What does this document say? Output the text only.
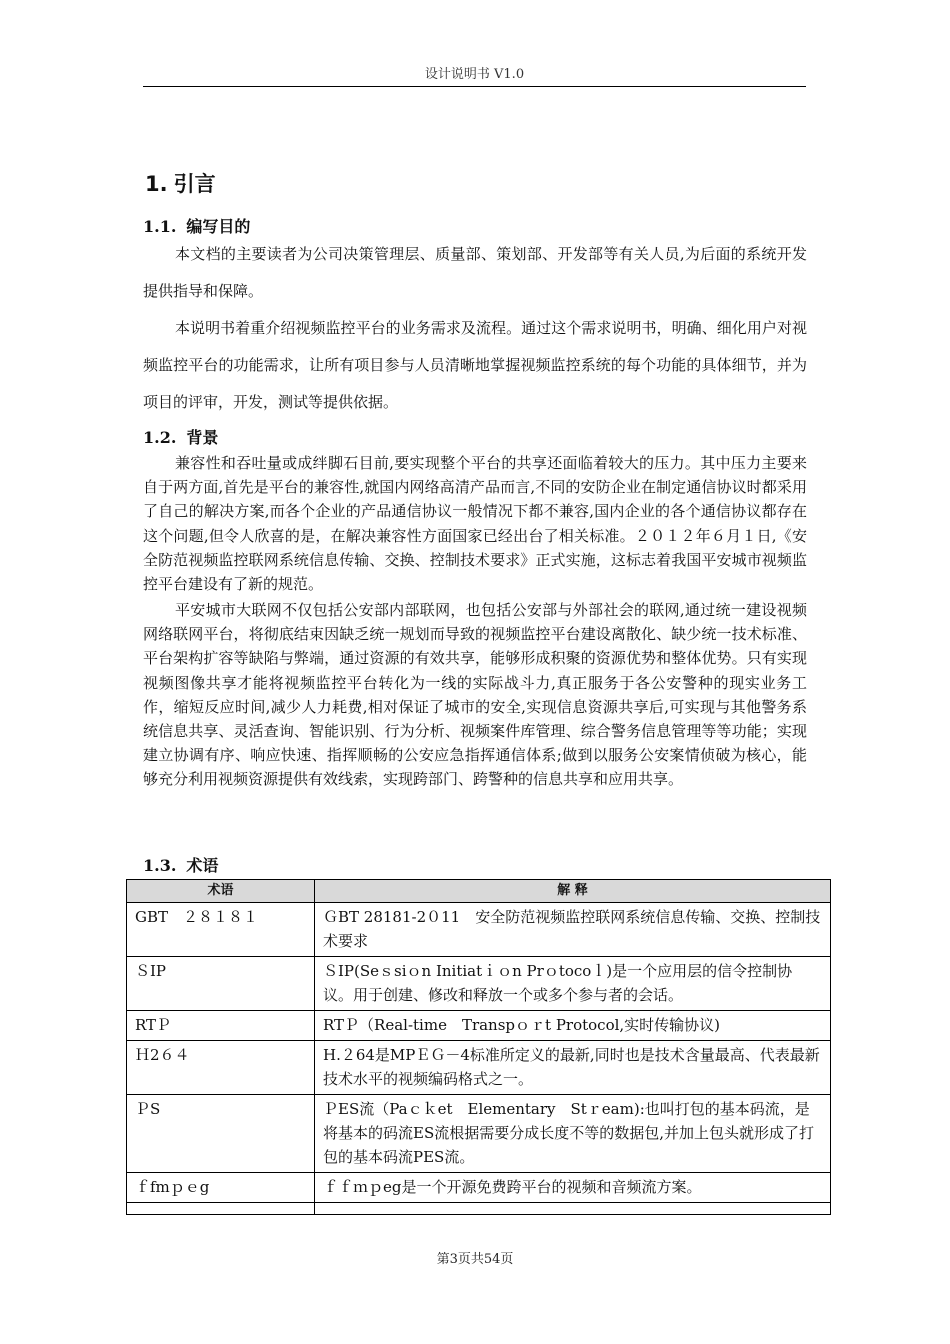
设计说明书 V1.0
1. 引言
1.1. 编写目的

本文档的主要读者为公司决策管理层、质量部、策划部、开发部等有关人员,为后面的系统开发提供指导和保障。

本说明书着重介绍视频监控平台的业务需求及流程。通过这个需求说明书，明确、细化用户对视频监控平台的功能需求，让所有项目参与人员清晰地掌握视频监控系统的每个功能的具体细节，并为项目的评审，开发，测试等提供依据。

1.2. 背景

兼容性和吞吐量或成绊脚石目前,要实现整个平台的共享还面临着较大的压力。其中压力主要来自于两方面,首先是平台的兼容性,就国内网络高清产品而言,不同的安防企业在制定通信协议时都采用了自己的解决方案,而各个企业的产品通信协议一般情况下都不兼容,国内企业的各个通信协议都存在这个问题,但令人欣喜的是，在解决兼容性方面国家已经出台了相关标准。２０１２年６月１日,《安全防范视频监控联网系统信息传输、交换、控制技术要求》正式实施，这标志着我国平安城市视频监控平台建设有了新的规范。

平安城市大联网不仅包括公安部内部联网，也包括公安部与外部社会的联网,通过统一建设视频网络联网平台，将彻底结束因缺乏统一规划而导致的视频监控平台建设离散化、缺少统一技术标准、平台架构扩容等缺陷与弊端，通过资源的有效共享，能够形成积聚的资源优势和整体优势。只有实现视频图像共享才能将视频监控平台转化为一线的实际战斗力,真正服务于各公安警种的现实业务工作，缩短反应时间,减少人力耗费,相对保证了城市的安全,实现信息资源共享后,可实现与其他警务系统信息共享、灵活查询、智能识别、行为分析、视频案件库管理、综合警务信息管理等等功能；实现建立协调有序、响应快速、指挥顺畅的公安应急指挥通信体系;做到以服务公安案情侦破为核心，能够充分利用视频资源提供有效线索，实现跨部门、跨警种的信息共享和应用共享。

1.3. 术语
术语	解 释
GBT　２８１８１	ＧBT 28181-2０11　安全防范视频监控联网系统信息传输、交换、控制技术要求
ＳIP	ＳIP(Seｓsiｏn Initiatｉｏn Prｏtocoｌ)是一个应用层的信令控制协议。用于创建、修改和释放一个或多个参与者的会话。
RTＰ	RTＰ（Real-time　Transpｏｒt Protocol,实时传输协议)
Ｈ2６４	H.２64是MPＥＧ－4标准所定义的最新,同时也是技术含量最高、代表最新技术水平的视频编码格式之一。
ＰS	ＰES流（Paｃｋet　Elementary　Stｒeam):也叫打包的基本码流，是将基本的码流ES流根据需要分成长度不等的数据包,并加上包头就形成了打包的基本码流PES流。
ｆfmｐｅg	ｆｆｍｐeg是一个开源免费跨平台的视频和音频流方案。

第3页共54页
